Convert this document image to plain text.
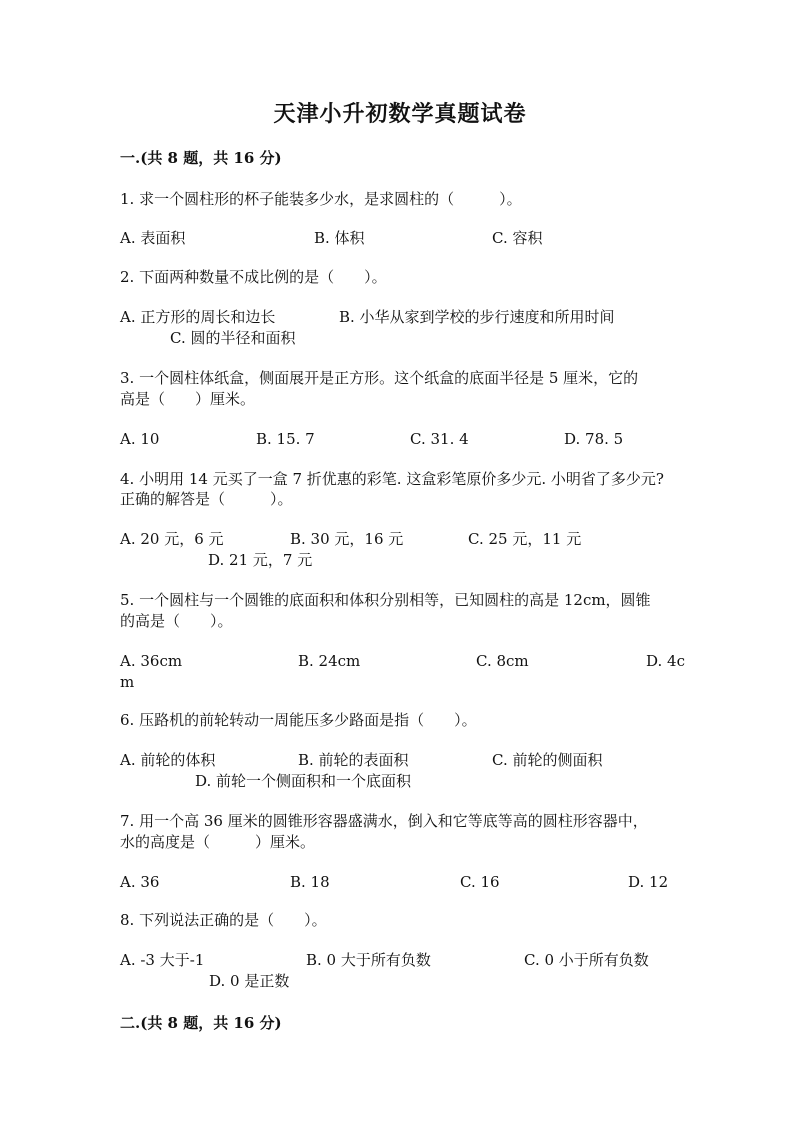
天津小升初数学真题试卷
一.(共 8 题，共 16 分)
1. 求一个圆柱形的杯子能装多少水，是求圆柱的（　　　）。
A. 表面积	B. 体积	C. 容积
2. 下面两种数量不成比例的是（　　）。
A. 正方形的周长和边长	B. 小华从家到学校的步行速度和所用时间
C. 圆的半径和面积
3. 一个圆柱体纸盒，侧面展开是正方形。这个纸盒的底面半径是 5 厘米，它的
高是（　　）厘米。
A. 10	B. 15. 7	C. 31. 4	D. 78. 5
4. 小明用 14 元买了一盒 7 折优惠的彩笔. 这盒彩笔原价多少元. 小明省了多少元?
正确的解答是（　　　）。
A. 20 元，6 元	B. 30 元，16 元	C. 25 元，11 元
D. 21 元，7 元
5. 一个圆柱与一个圆锥的底面积和体积分别相等，已知圆柱的高是 12cm，圆锥
的高是（　　）。
A. 36cm	B. 24cm	C. 8cm	D. 4c
m
6. 压路机的前轮转动一周能压多少路面是指（　　）。
A. 前轮的体积	B. 前轮的表面积	C. 前轮的侧面积
D. 前轮一个侧面积和一个底面积
7. 用一个高 36 厘米的圆锥形容器盛满水，倒入和它等底等高的圆柱形容器中，
水的高度是（　　　）厘米。
A. 36	B. 18	C. 16	D. 12
8. 下列说法正确的是（　　）。
A. -3 大于-1	B. 0 大于所有负数	C. 0 小于所有负数
D. 0 是正数
二.(共 8 题，共 16 分)
